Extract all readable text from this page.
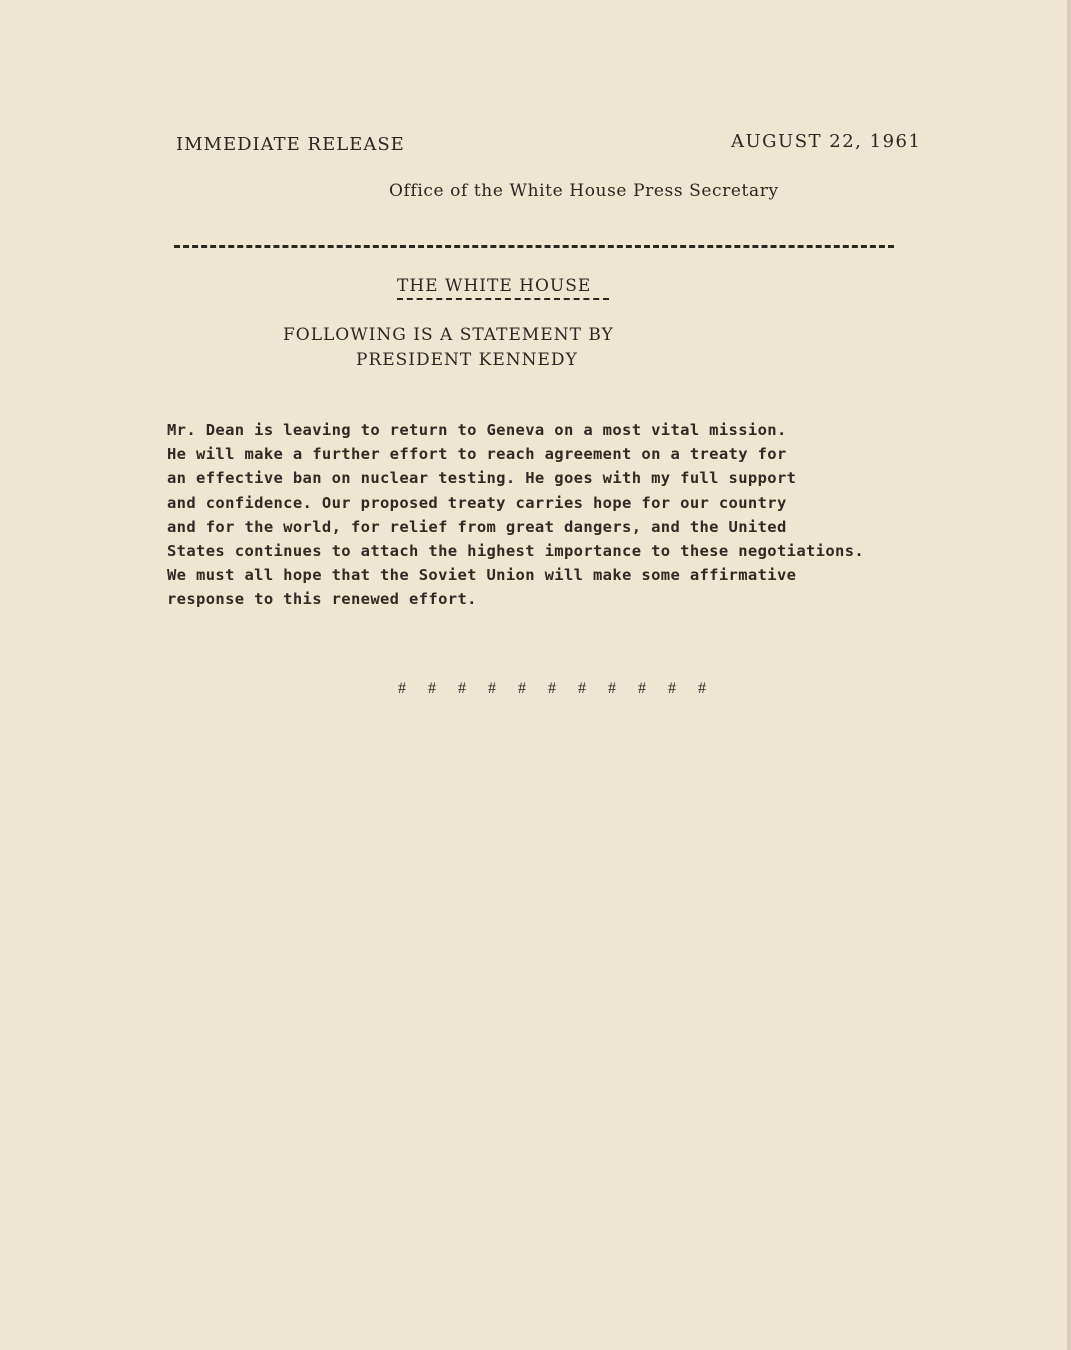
IMMEDIATE RELEASE	AUGUST 22, 1961
Office of the White House Press Secretary
THE WHITE HOUSE
FOLLOWING IS A STATEMENT BY
PRESIDENT KENNEDY
Mr. Dean is leaving to return to Geneva on a most vital mission.
He will make a further effort to reach agreement on a treaty for
an effective ban on nuclear testing. He goes with my full support
and confidence. Our proposed treaty carries hope for our country
and for the world, for relief from great dangers, and the United
States continues to attach the highest importance to these negotiations.
We must all hope that the Soviet Union will make some affirmative
response to this renewed effort.
# # # # # # # # # # #
